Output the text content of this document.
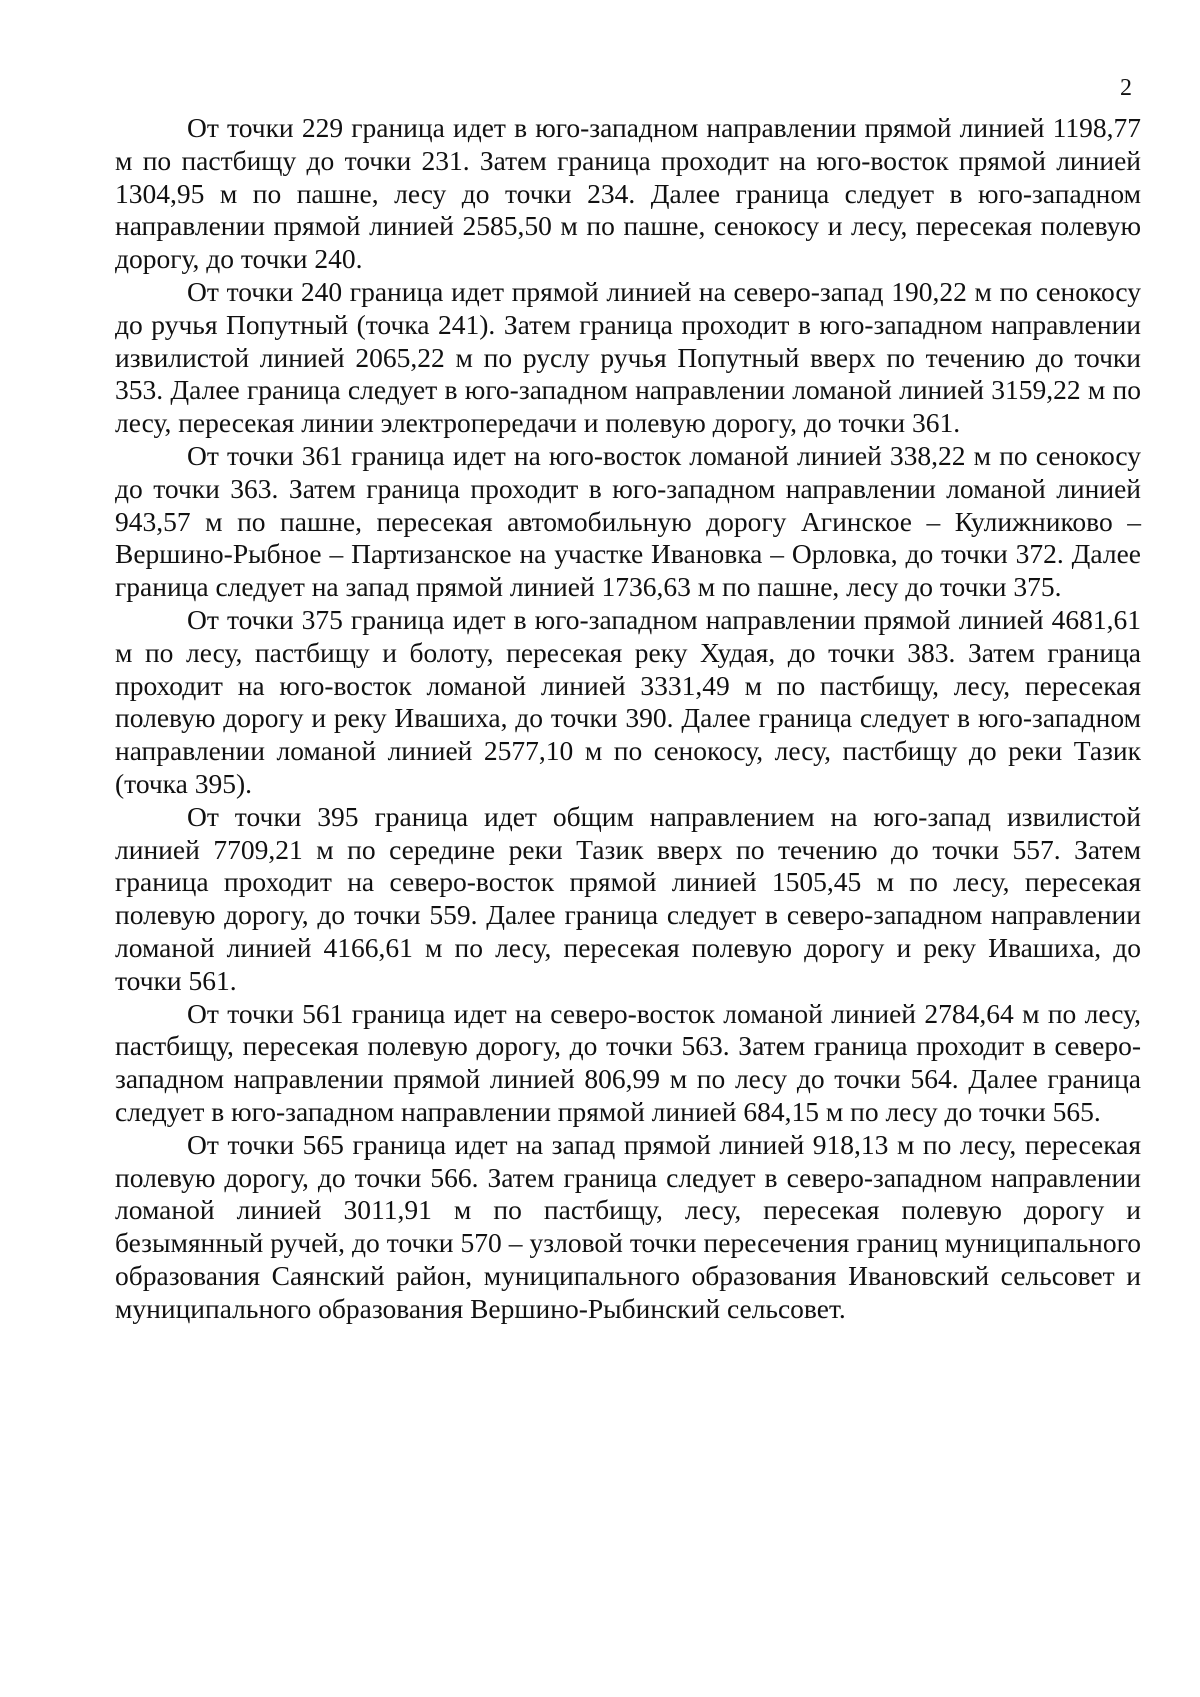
2

От точки 229 граница идет в юго-западном направлении прямой линией 1198,77 м по пастбищу до точки 231. Затем граница проходит на юго-восток прямой линией 1304,95 м по пашне, лесу до точки 234. Далее граница следует в юго-западном направлении прямой линией 2585,50 м по пашне, сенокосу и лесу, пересекая полевую дорогу, до точки 240.

От точки 240 граница идет прямой линией на северо-запад 190,22 м по сенокосу до ручья Попутный (точка 241). Затем граница проходит в юго-западном направлении извилистой линией 2065,22 м по руслу ручья Попутный вверх по течению до точки 353. Далее граница следует в юго-западном направлении ломаной линией 3159,22 м по лесу, пересекая линии электропередачи и полевую дорогу, до точки 361.

От точки 361 граница идет на юго-восток ломаной линией 338,22 м по сенокосу до точки 363. Затем граница проходит в юго-западном направлении ломаной линией 943,57 м по пашне, пересекая автомобильную дорогу Агинское – Кулижниково – Вершино-Рыбное – Партизанское на участке Ивановка – Орловка, до точки 372. Далее граница следует на запад прямой линией 1736,63 м по пашне, лесу до точки 375.

От точки 375 граница идет в юго-западном направлении прямой линией 4681,61 м по лесу, пастбищу и болоту, пересекая реку Худая, до точки 383. Затем граница проходит на юго-восток ломаной линией 3331,49 м по пастбищу, лесу, пересекая полевую дорогу и реку Ивашиха, до точки 390. Далее граница следует в юго-западном направлении ломаной линией 2577,10 м по сенокосу, лесу, пастбищу до реки Тазик (точка 395).

От точки 395 граница идет общим направлением на юго-запад извилистой линией 7709,21 м по середине реки Тазик вверх по течению до точки 557. Затем граница проходит на северо-восток прямой линией 1505,45 м по лесу, пересекая полевую дорогу, до точки 559. Далее граница следует в северо-западном направлении ломаной линией 4166,61 м по лесу, пересекая полевую дорогу и реку Ивашиха, до точки 561.

От точки 561 граница идет на северо-восток ломаной линией 2784,64 м по лесу, пастбищу, пересекая полевую дорогу, до точки 563. Затем граница проходит в северо-западном направлении прямой линией 806,99 м по лесу до точки 564. Далее граница следует в юго-западном направлении прямой линией 684,15 м по лесу до точки 565.

От точки 565 граница идет на запад прямой линией 918,13 м по лесу, пересекая полевую дорогу, до точки 566. Затем граница следует в северо-западном направлении ломаной линией 3011,91 м по пастбищу, лесу, пересекая полевую дорогу и безымянный ручей, до точки 570 – узловой точки пересечения границ муниципального образования Саянский район, муниципального образования Ивановский сельсовет и муниципального образования Вершино-Рыбинский сельсовет.
